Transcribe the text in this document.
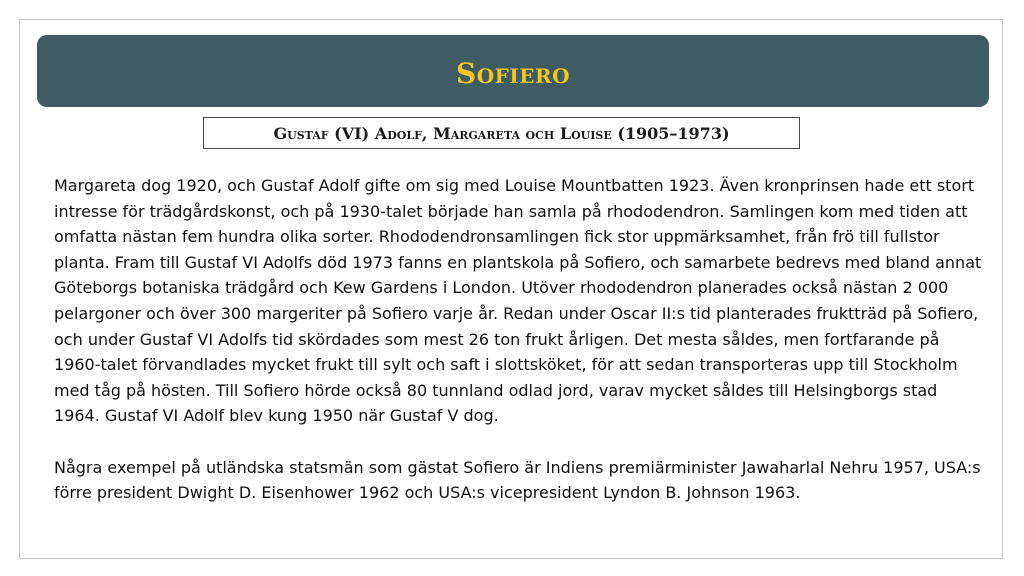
Sofiero
Gustaf (VI) Adolf, Margareta och Louise (1905–1973)

Margareta dog 1920, och Gustaf Adolf gifte om sig med Louise Mountbatten 1923. Även kronprinsen hade ett stort intresse för trädgårdskonst, och på 1930-talet började han samla på rhododendron. Samlingen kom med tiden att omfatta nästan fem hundra olika sorter. Rhododendronsamlingen fick stor uppmärksamhet, från frö till fullstor planta. Fram till Gustaf VI Adolfs död 1973 fanns en plantskola på Sofiero, och samarbete bedrevs med bland annat Göteborgs botaniska trädgård och Kew Gardens i London. Utöver rhododendron planerades också nästan 2 000 pelargoner och över 300 margeriter på Sofiero varje år. Redan under Oscar II:s tid planterades fruktträd på Sofiero, och under Gustaf VI Adolfs tid skördades som mest 26 ton frukt årligen. Det mesta såldes, men fortfarande på 1960-talet förvandlades mycket frukt till sylt och saft i slottsköket, för att sedan transporteras upp till Stockholm med tåg på hösten. Till Sofiero hörde också 80 tunnland odlad jord, varav mycket såldes till Helsingborgs stad 1964. Gustaf VI Adolf blev kung 1950 när Gustaf V dog.

Några exempel på utländska statsmän som gästat Sofiero är Indiens premiärminister Jawaharlal Nehru 1957, USA:s förre president Dwight D. Eisenhower 1962 och USA:s vicepresident Lyndon B. Johnson 1963.
